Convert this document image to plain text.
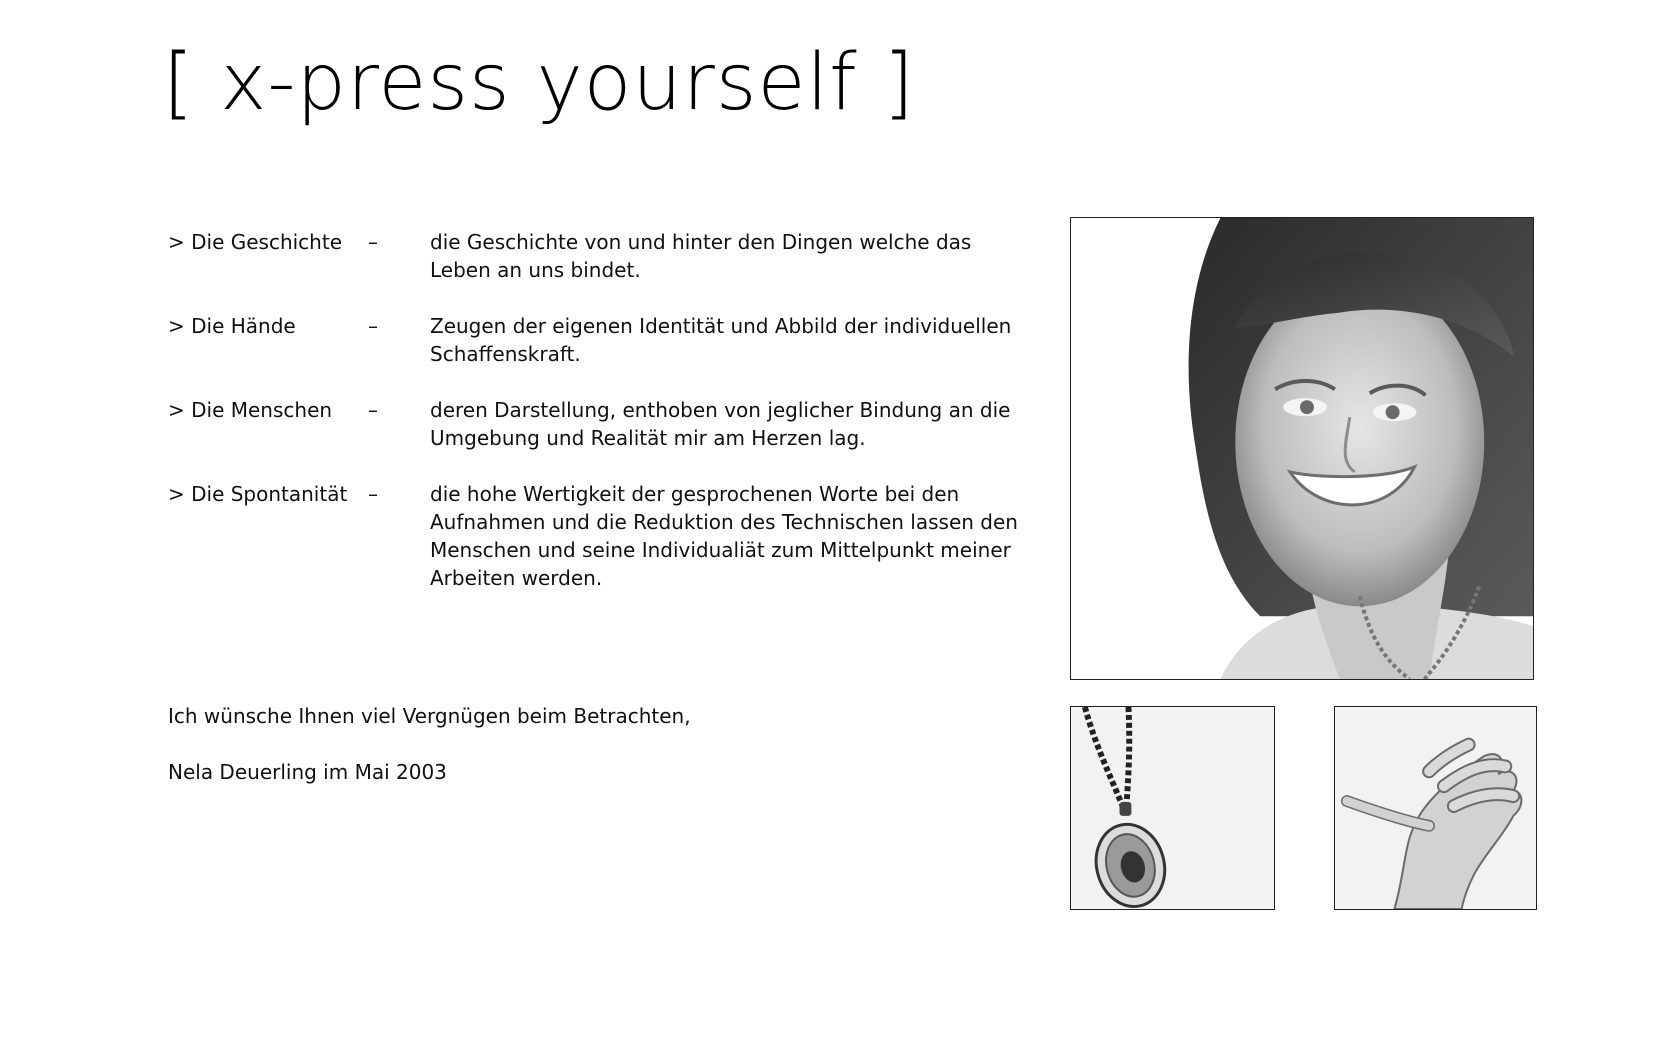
[ x-press yourself ]
> Die Geschichte	–	die Geschichte von und hinter den Dingen welche das Leben an uns bindet.
> Die Hände	–	Zeugen der eigenen Identität und Abbild der individuellen Schaffenskraft.
> Die Menschen	–	deren Darstellung, enthoben von jeglicher Bindung an die Umgebung und Realität mir am Herzen lag.
> Die Spontanität	–	die hohe Wertigkeit der gesprochenen Worte bei den Aufnahmen und die Reduktion des Technischen lassen den Menschen und seine Individualiät zum Mittelpunkt meiner Arbeiten werden.

Ich wünsche Ihnen viel Vergnügen beim Betrachten,

Nela Deuerling im Mai 2003
